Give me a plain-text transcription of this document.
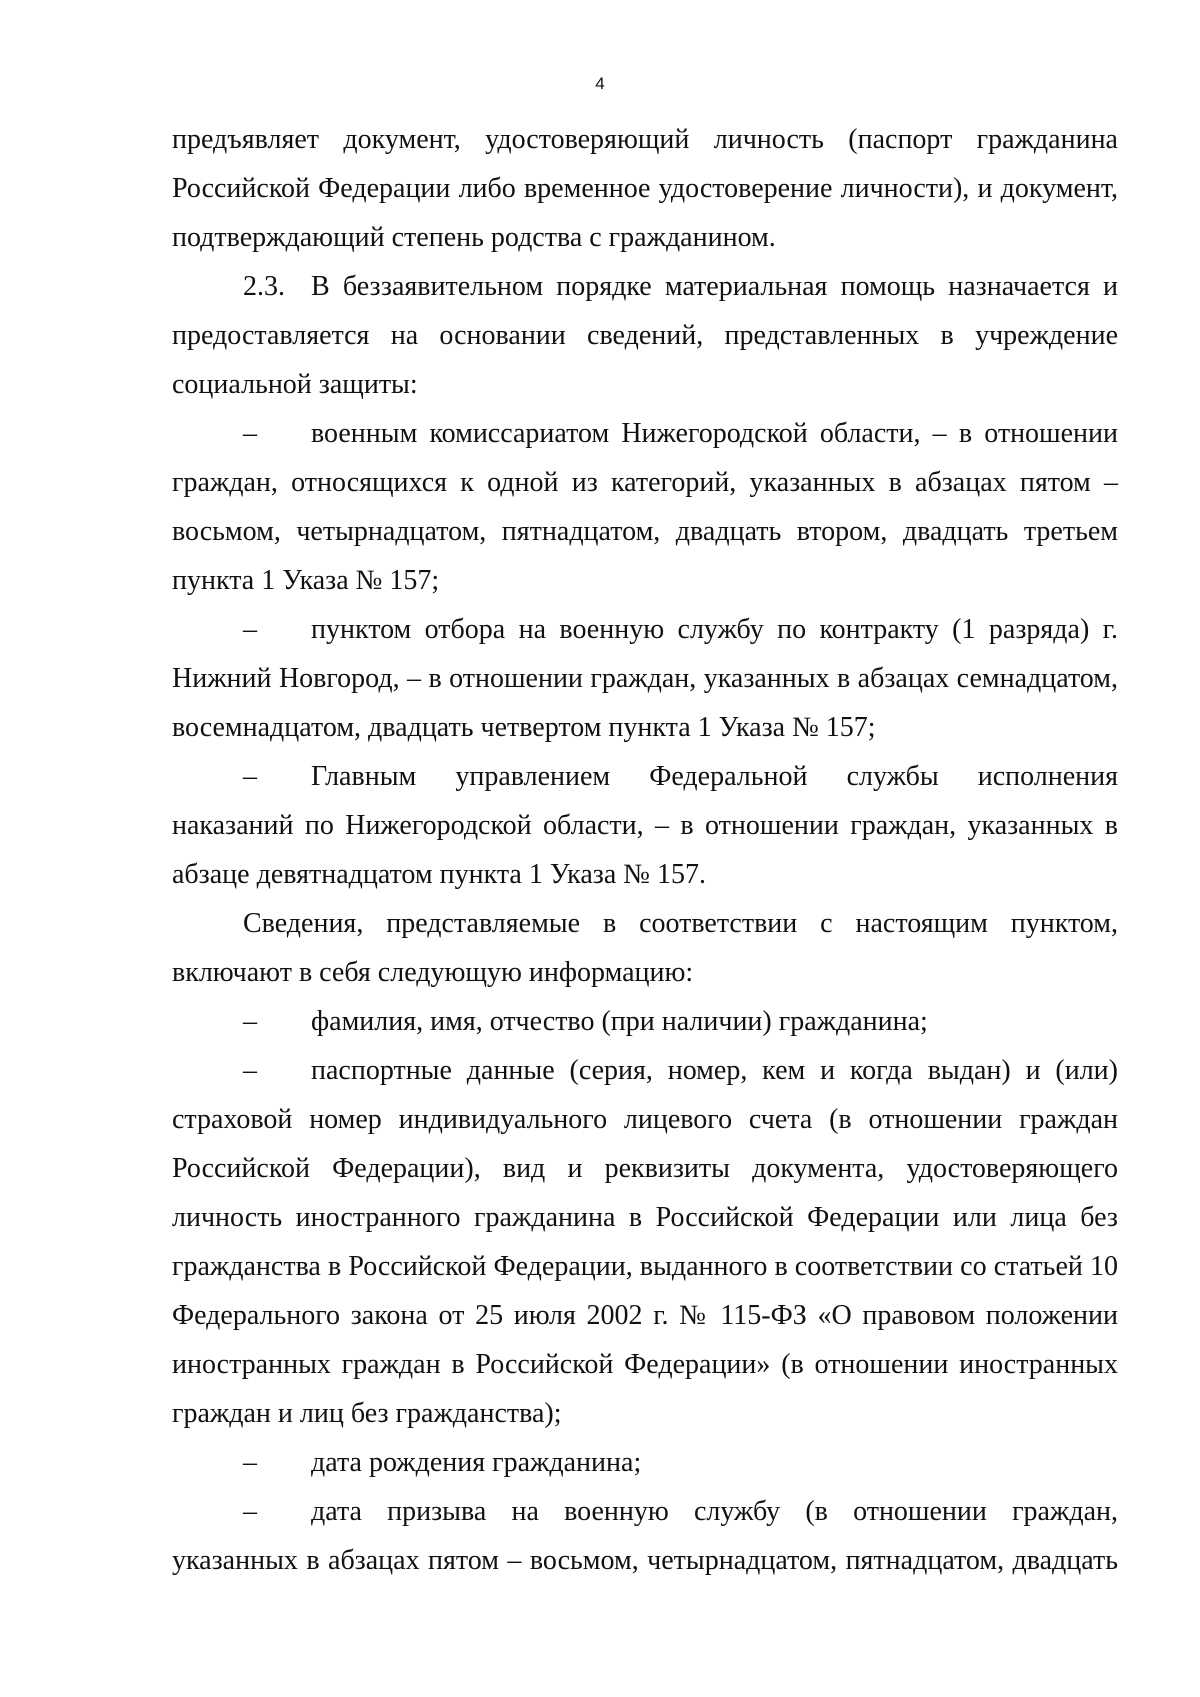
4

предъявляет документ, удостоверяющий личность (паспорт гражданина Российской Федерации либо временное удостоверение личности), и документ, подтверждающий степень родства с гражданином.

2.3. В беззаявительном порядке материальная помощь назначается и предоставляется на основании сведений, представленных в учреждение социальной защиты:

– военным комиссариатом Нижегородской области, – в отношении граждан, относящихся к одной из категорий, указанных в абзацах пятом – восьмом, четырнадцатом, пятнадцатом, двадцать втором, двадцать третьем пункта 1 Указа № 157;

– пунктом отбора на военную службу по контракту (1 разряда) г. Нижний Новгород, – в отношении граждан, указанных в абзацах семнадцатом, восемнадцатом, двадцать четвертом пункта 1 Указа № 157;

– Главным управлением Федеральной службы исполнения наказаний по Нижегородской области, – в отношении граждан, указанных в абзаце девятнадцатом пункта 1 Указа № 157.

Сведения, представляемые в соответствии с настоящим пунктом, включают в себя следующую информацию:

– фамилия, имя, отчество (при наличии) гражданина;

– паспортные данные (серия, номер, кем и когда выдан) и (или) страховой номер индивидуального лицевого счета (в отношении граждан Российской Федерации), вид и реквизиты документа, удостоверяющего личность иностранного гражданина в Российской Федерации или лица без гражданства в Российской Федерации, выданного в соответствии со статьей 10 Федерального закона от 25 июля 2002 г. № 115-ФЗ «О правовом положении иностранных граждан в Российской Федерации» (в отношении иностранных граждан и лиц без гражданства);

– дата рождения гражданина;

– дата призыва на военную службу (в отношении граждан, указанных в абзацах пятом – восьмом, четырнадцатом, пятнадцатом, двадцать
